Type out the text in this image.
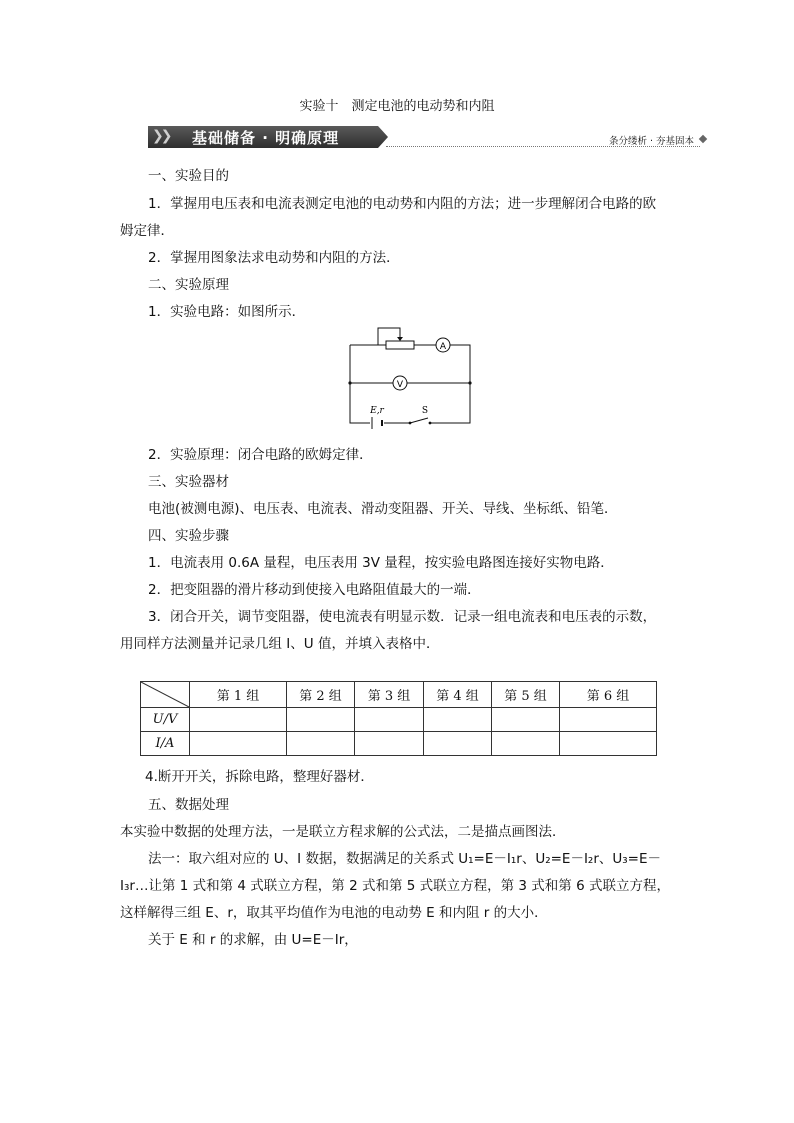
实验十　测定电池的电动势和内阻
❯❯ 基础储备 · 明确原理	条分缕析 · 夯基固本
一、实验目的
1．掌握用电压表和电流表测定电池的电动势和内阻的方法；进一步理解闭合电路的欧
姆定律．
2．掌握用图象法求电动势和内阻的方法．
二、实验原理
1．实验电路：如图所示．
A
V
E,r	S
2．实验原理：闭合电路的欧姆定律．
三、实验器材
电池(被测电源)、电压表、电流表、滑动变阻器、开关、导线、坐标纸、铅笔．
四、实验步骤
1．电流表用 0.6A 量程，电压表用 3V 量程，按实验电路图连接好实物电路．
2．把变阻器的滑片移动到使接入电路阻值最大的一端．
3．闭合开关，调节变阻器，使电流表有明显示数．记录一组电流表和电压表的示数，
用同样方法测量并记录几组 I、U 值，并填入表格中．
	第 1 组	第 2 组	第 3 组	第 4 组	第 5 组	第 6 组
U/V						
I/A						
4.断开开关，拆除电路，整理好器材．
五、数据处理
本实验中数据的处理方法，一是联立方程求解的公式法，二是描点画图法．
法一：取六组对应的 U、I 数据，数据满足的关系式 U₁=E－I₁r、U₂=E－I₂r、U₃=E－
I₃r…让第 1 式和第 4 式联立方程，第 2 式和第 5 式联立方程，第 3 式和第 6 式联立方程，
这样解得三组 E、r，取其平均值作为电池的电动势 E 和内阻 r 的大小．
关于 E 和 r 的求解，由 U=E－Ir，
